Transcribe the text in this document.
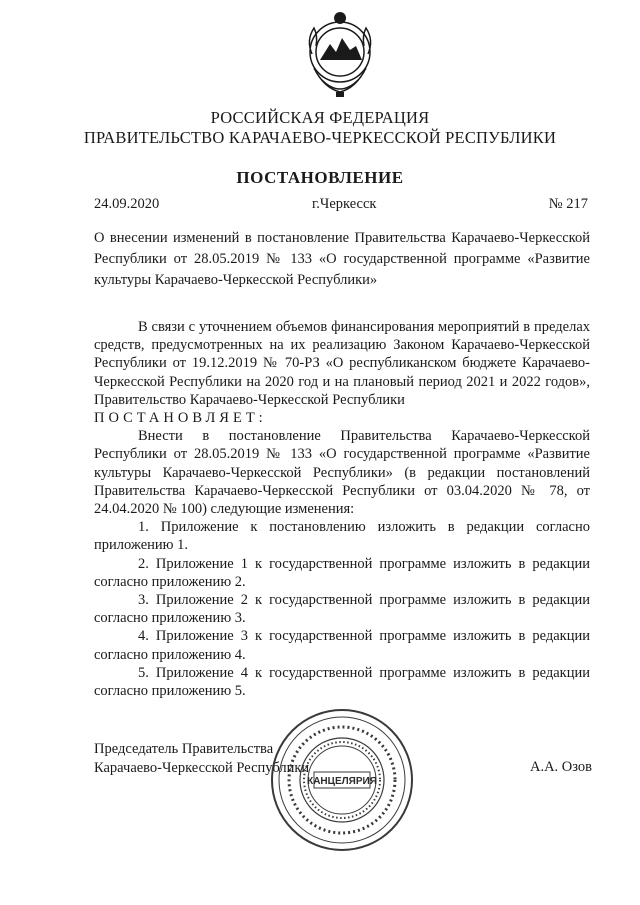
РОССИЙСКАЯ ФЕДЕРАЦИЯ
ПРАВИТЕЛЬСТВО КАРАЧАЕВО-ЧЕРКЕССКОЙ РЕСПУБЛИКИ
ПОСТАНОВЛЕНИЕ
24.09.2020	г.Черкесск	№ 217
О внесении изменений в постановление Правительства Карачаево-Черкесской Республики от 28.05.2019 № 133 «О государственной программе «Развитие культуры Карачаево-Черкесской Республики»

В связи с уточнением объемов финансирования мероприятий в пределах средств, предусмотренных на их реализацию Законом Карачаево-Черкесской Республики от 19.12.2019 № 70-РЗ «О республиканском бюджете Карачаево-Черкесской Республики на 2020 год и на плановый период 2021 и 2022 годов», Правительство Карачаево-Черкесской Республики

ПОСТАНОВЛЯЕТ:

Внести в постановление Правительства Карачаево-Черкесской Республики от 28.05.2019 № 133 «О государственной программе «Развитие культуры Карачаево-Черкесской Республики» (в редакции постановлений Правительства Карачаево-Черкесской Республики от 03.04.2020 № 78, от 24.04.2020 № 100) следующие изменения:

1. Приложение к постановлению изложить в редакции согласно приложению 1.

2. Приложение 1 к государственной программе изложить в редакции согласно приложению 2.

3. Приложение 2 к государственной программе изложить в редакции согласно приложению 3.

4. Приложение 3 к государственной программе изложить в редакции согласно приложению 4.

5. Приложение 4 к государственной программе изложить в редакции согласно приложению 5.

Председатель Правительства
Карачаево-Черкесской Республики	А.А. Озов
КАНЦЕЛЯРИЯ
